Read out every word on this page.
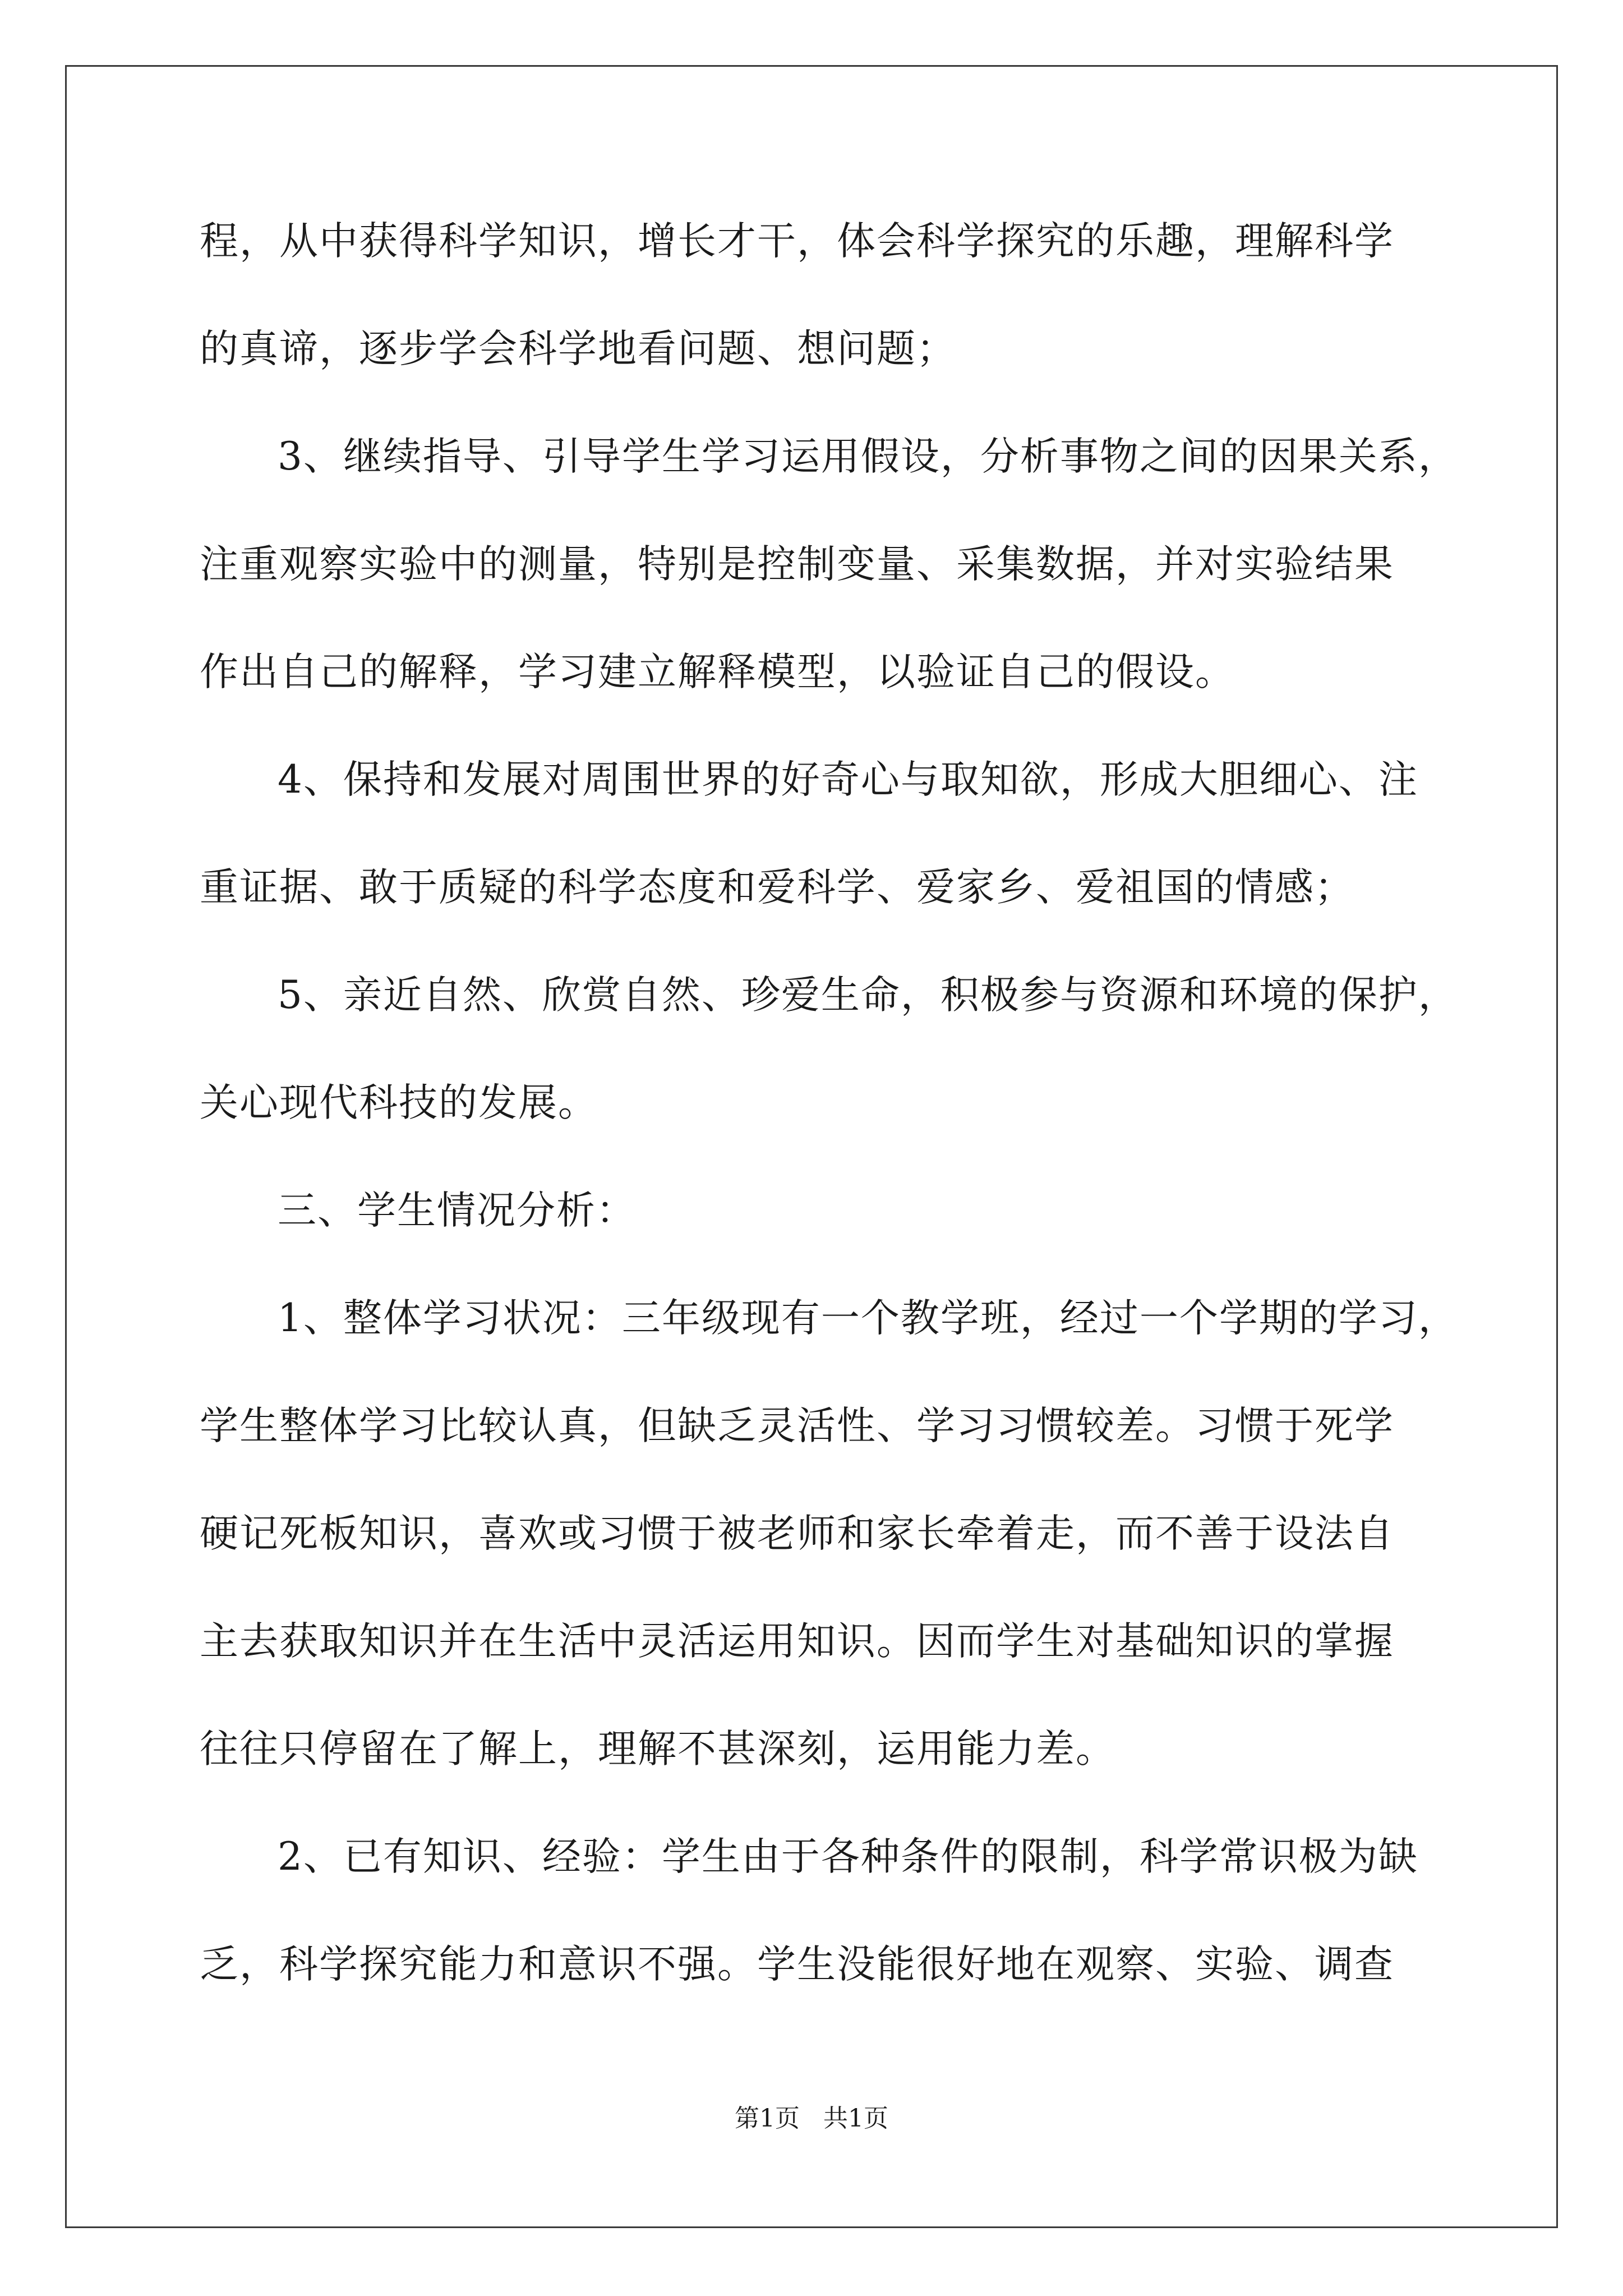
程，从中获得科学知识，增长才干，体会科学探究的乐趣，理解科学
的真谛，逐步学会科学地看问题、想问题；
3、继续指导、引导学生学习运用假设，分析事物之间的因果关系，
注重观察实验中的测量，特别是控制变量、采集数据，并对实验结果
作出自己的解释，学习建立解释模型，以验证自己的假设。
4、保持和发展对周围世界的好奇心与取知欲，形成大胆细心、注
重证据、敢于质疑的科学态度和爱科学、爱家乡、爱祖国的情感；
5、亲近自然、欣赏自然、珍爱生命，积极参与资源和环境的保护，
关心现代科技的发展。
三、学生情况分析：
1、整体学习状况：三年级现有一个教学班，经过一个学期的学习，
学生整体学习比较认真，但缺乏灵活性、学习习惯较差。习惯于死学
硬记死板知识，喜欢或习惯于被老师和家长牵着走，而不善于设法自
主去获取知识并在生活中灵活运用知识。因而学生对基础知识的掌握
往往只停留在了解上，理解不甚深刻，运用能力差。
2、已有知识、经验：学生由于各种条件的限制，科学常识极为缺
乏，科学探究能力和意识不强。学生没能很好地在观察、实验、调查
第1页 共1页
